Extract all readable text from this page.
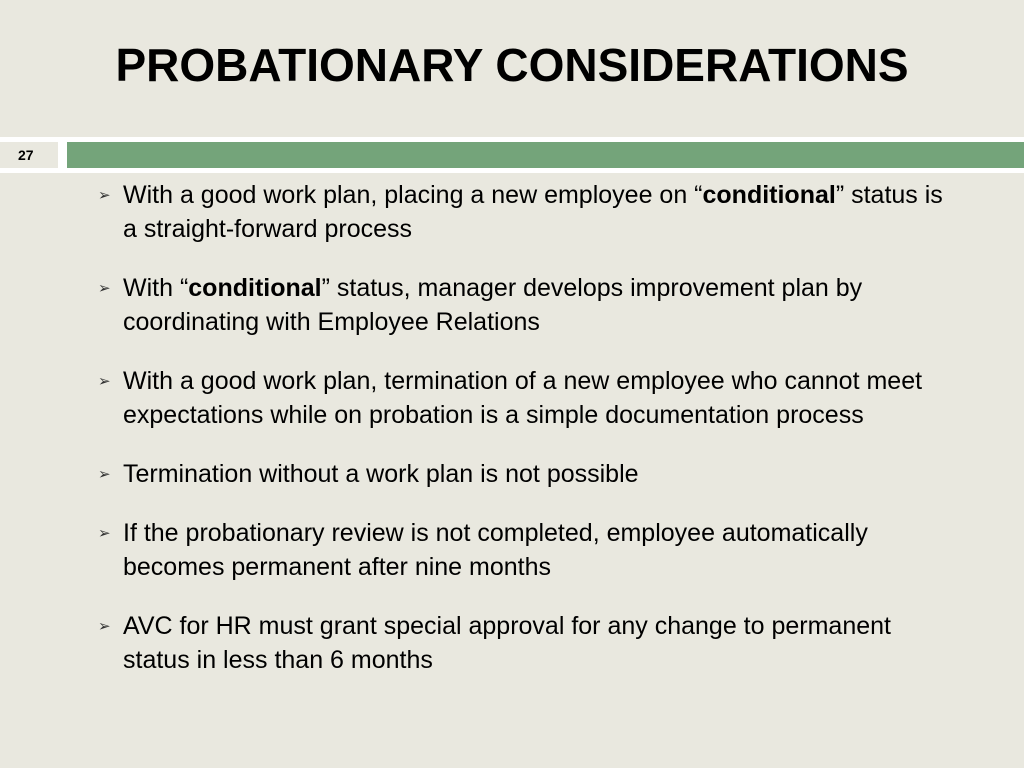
PROBATIONARY CONSIDERATIONS
27
➢ With a good work plan, placing a new employee on “conditional” status is a straight-forward process
➢ With “conditional” status, manager develops improvement plan by coordinating with Employee Relations
➢ With a good work plan, termination of a new employee who cannot meet expectations while on probation is a simple documentation process
➢ Termination without a work plan is not possible
➢ If the probationary review is not completed, employee automatically becomes permanent after nine months
➢ AVC for HR must grant special approval for any change to permanent status in less than 6 months
